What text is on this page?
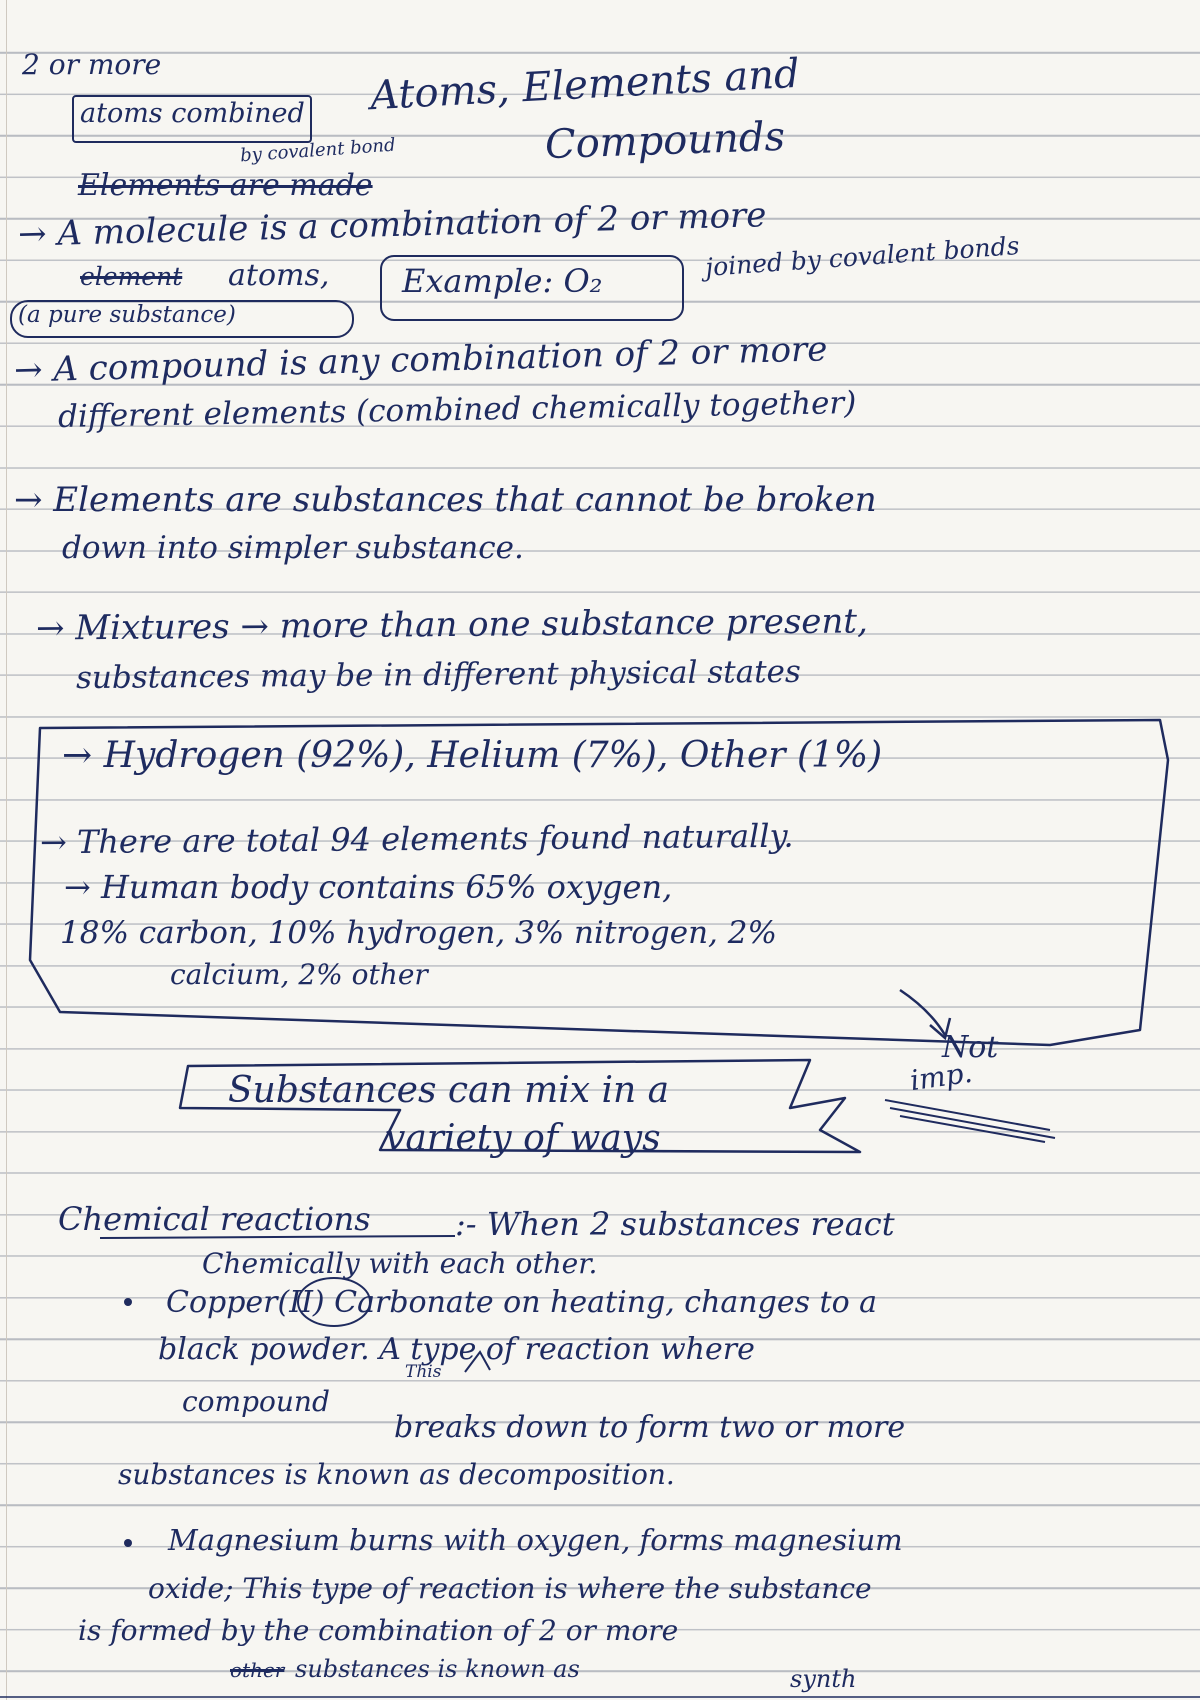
2 or more
atoms combined
by covalent bond
Atoms, Elements and
Compounds
Elements are made
→ A molecule is a combination of 2 or more
element atoms, Example: O₂	joined by covalent bonds
(a pure substance)
→ A compound is any combination of 2 or more
different elements (combined chemically together)
→ Elements are substances that cannot be broken
down into simpler substance.
→ Mixtures → more than one substance present,
substances may be in different physical states
→ Hydrogen (92%), Helium (7%), Other (1%)
→ There are total 94 elements found naturally.
→ Human body contains 65% oxygen,
18% carbon, 10% hydrogen, 3% nitrogen, 2%
calcium, 2% other
Not
imp.
Substances can mix in a
variety of ways
Chemical reactions	:- When 2 substances react
Chemically with each other.
Copper(II) Carbonate on heating, changes to a
black powder. A type of reaction where
This
compound
breaks down to form two or more
substances is known as decomposition.
Magnesium burns with oxygen, forms magnesium
oxide; This type of reaction is where the substance
is formed by the combination of 2 or more
other substances is known as	synth
